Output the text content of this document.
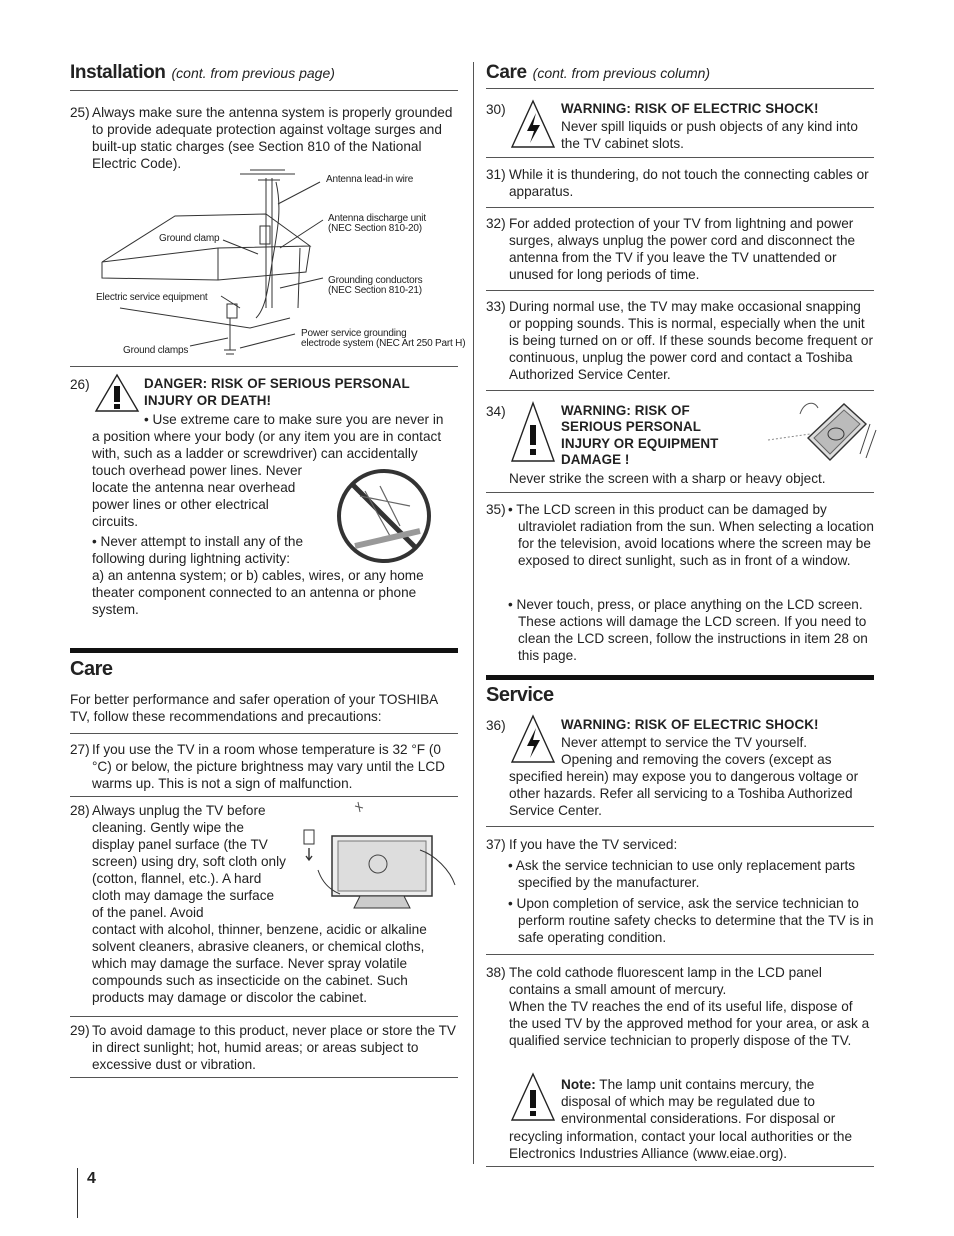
Installation (cont. from previous page)
25) Always make sure the antenna system is properly grounded to provide adequate protection against voltage surges and built-up static charges (see Section 810 of the National Electric Code).
Antenna lead-in wire
Antenna discharge unit
(NEC Section 810-20)
Ground clamp
Grounding conductors
(NEC Section 810-21)
Electric service equipment
Power service grounding
electrode system (NEC Art 250 Part H)
Ground clamps
26)	DANGER: RISK OF SERIOUS PERSONAL
INJURY OR DEATH!
• Use extreme care to make sure you are never in
a position where your body (or any item you are in contact with, such as a ladder or screwdriver) can accidentally
touch overhead power lines. Never locate the antenna near overhead power lines or other electrical circuits.
• Never attempt to install any of the following during lightning activity:
a) an antenna system; or b) cables, wires, or any home theater component connected to an antenna or phone system.
Care
For better performance and safer operation of your TOSHIBA TV, follow these recommendations and precautions:
27) If you use the TV in a room whose temperature is 32 °F (0 °C) or below, the picture brightness may vary until the LCD warms up. This is not a sign of malfunction.
28) Always unplug the TV before cleaning. Gently wipe the display panel surface (the TV screen) using dry, soft cloth only (cotton, flannel, etc.). A hard cloth may damage the surface of the panel. Avoid
contact with alcohol, thinner, benzene, acidic or alkaline solvent cleaners, abrasive cleaners, or chemical cloths, which may damage the surface. Never spray volatile compounds such as insecticide on the cabinet. Such products may damage or discolor the cabinet.
29) To avoid damage to this product, never place or store the TV in direct sunlight; hot, humid areas; or areas subject to excessive dust or vibration.
4
Care (cont. from previous column)
30)	WARNING: RISK OF ELECTRIC SHOCK!
Never spill liquids or push objects of any kind into the TV cabinet slots.
31) While it is thundering, do not touch the connecting cables or apparatus.
32) For added protection of your TV from lightning and power surges, always unplug the power cord and disconnect the antenna from the TV if you leave the TV unattended or unused for long periods of time.
33) During normal use, the TV may make occasional snapping or popping sounds. This is normal, especially when the unit is being turned on or off. If these sounds become frequent or continuous, unplug the power cord and contact a Toshiba Authorized Service Center.
34)	WARNING: RISK OF
SERIOUS PERSONAL
INJURY OR EQUIPMENT
DAMAGE !
Never strike the screen with a sharp or heavy object.
35) • The LCD screen in this product can be damaged by ultraviolet radiation from the sun. When selecting a location for the television, avoid locations where the screen may be exposed to direct sunlight, such as in front of a window.
• Never touch, press, or place anything on the LCD screen. These actions will damage the LCD screen. If you need to clean the LCD screen, follow the instructions in item 28 on this page.
Service
36)	WARNING: RISK OF ELECTRIC SHOCK!
Never attempt to service the TV yourself.
Opening and removing the covers (except as
specified herein) may expose you to dangerous voltage or other hazards. Refer all servicing to a Toshiba Authorized Service Center.
37) If you have the TV serviced:
• Ask the service technician to use only replacement parts specified by the manufacturer.
• Upon completion of service, ask the service technician to perform routine safety checks to determine that the TV is in safe operating condition.
38) The cold cathode fluorescent lamp in the LCD panel contains a small amount of mercury.
When the TV reaches the end of its useful life, dispose of the used TV by the approved method for your area, or ask a qualified service technician to properly dispose of the TV.
Note: The lamp unit contains mercury, the disposal of which may be regulated due to environmental considerations. For disposal or
recycling information, contact your local authorities or the Electronics Industries Alliance (www.eiae.org).
